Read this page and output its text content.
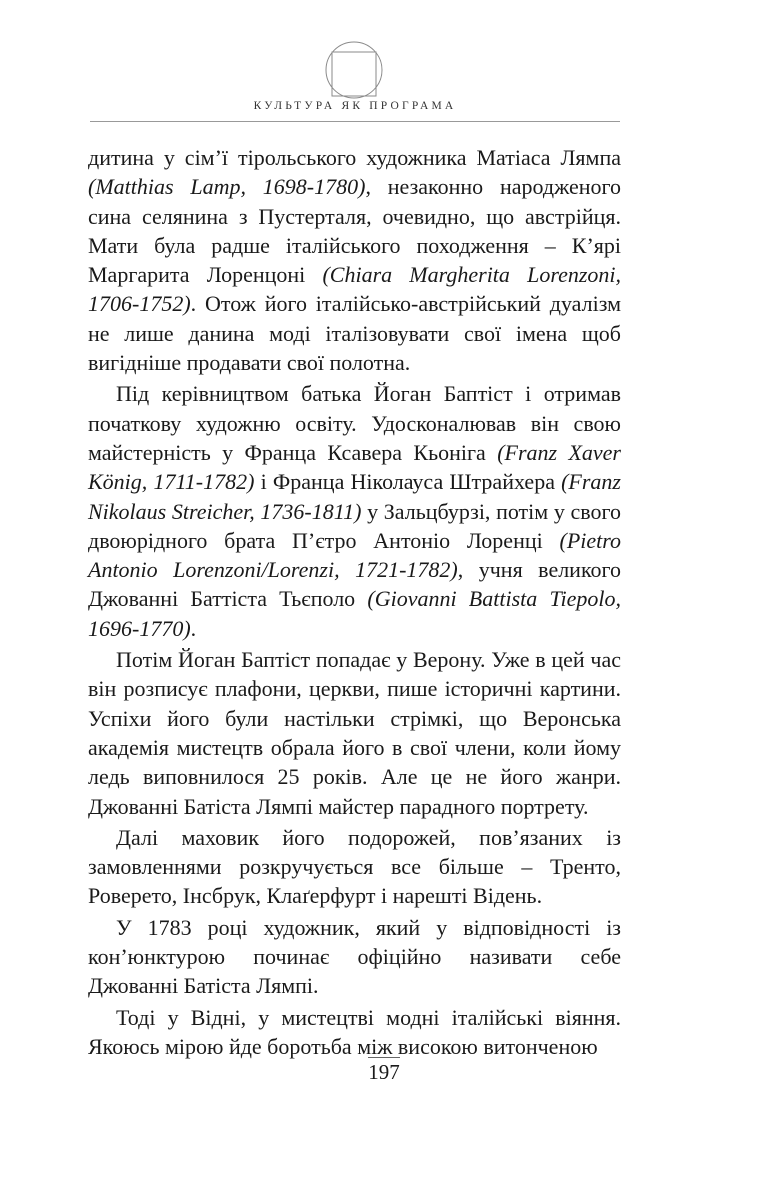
КУЛЬТУРА ЯК ПРОГРАМА

дитина у сім’ї тірольського художника Матіаса Лямпа (Matthias Lamp, 1698-1780), незаконно народженого сина селянина з Пустерталя, очевидно, що австрійця. Мати була радше італійського походження – К’ярі Маргарита Лоренцоні (Chiara Margherita Lorenzoni, 1706-1752). Отож його італійсько-австрійський дуалізм не лише данина моді італізовувати свої імена щоб вигідніше продавати свої полотна.

Під керівництвом батька Йоган Баптіст і отримав початкову художню освіту. Удосконалював він свою майстерність у Франца Ксавера Кьоніга (Franz Xaver König, 1711-1782) і Франца Ніколауса Штрайхера (Franz Nikolaus Streicher, 1736-1811) у Зальцбурзі, потім у свого двоюрідного брата П’єтро Антоніо Лоренці (Pietro Antonio Lorenzoni/Lorenzi, 1721-1782), учня великого Джованні Баттіста Тьєполо (Giovanni Battista Tiepolo, 1696-1770).

Потім Йоган Баптіст попадає у Верону. Уже в цей час він розписує плафони, церкви, пише історичні картини. Успіхи його були настільки стрімкі, що Веронська академія мистецтв обрала його в свої члени, коли йому ледь виповнилося 25 років. Але це не його жанри. Джованні Батіста Лямпі майстер парадного портрету.

Далі маховик його подорожей, пов’язаних із замовленнями розкручується все більше – Тренто, Роверето, Інсбрук, Клаґерфурт і нарешті Відень.

У 1783 році художник, який у відповідності із кон’юнктурою починає офіційно називати себе Джованні Батіста Лямпі.

Тоді у Відні, у мистецтві модні італійські віяння. Якоюсь мірою йде боротьба між високою витонченою

197
